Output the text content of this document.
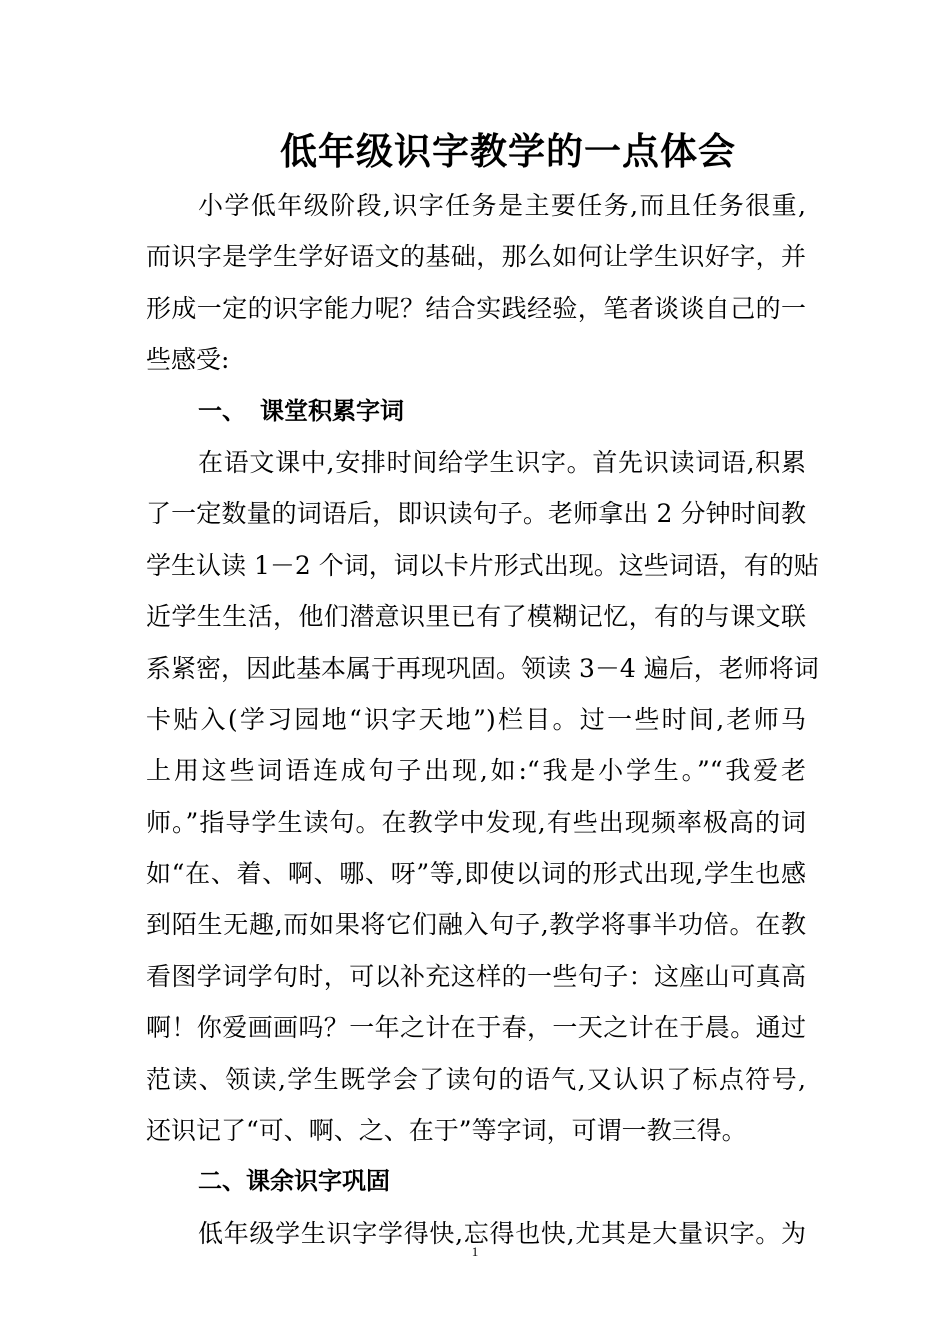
低年级识字教学的一点体会
小学低年级阶段,识字任务是主要任务,而且任务很重,
而识字是学生学好语文的基础，那么如何让学生识好字，并
形成一定的识字能力呢？结合实践经验，笔者谈谈自己的一
些感受:
一、 课堂积累字词
在语文课中,安排时间给学生识字。首先识读词语,积累
了一定数量的词语后，即识读句子。老师拿出 2 分钟时间教
学生认读 1－2 个词，词以卡片形式出现。这些词语，有的贴
近学生生活，他们潜意识里已有了模糊记忆，有的与课文联
系紧密，因此基本属于再现巩固。领读 3－4 遍后，老师将词
卡贴入(学习园地“识字天地”)栏目。过一些时间,老师马
上用这些词语连成句子出现,如:“我是小学生。”“我爱老
师。”指导学生读句。在教学中发现,有些出现频率极高的词
如“在、着、啊、哪、呀”等,即使以词的形式出现,学生也感
到陌生无趣,而如果将它们融入句子,教学将事半功倍。在教
看图学词学句时，可以补充这样的一些句子：这座山可真高
啊！你爱画画吗？一年之计在于春，一天之计在于晨。通过
范读、领读,学生既学会了读句的语气,又认识了标点符号,
还识记了“可、啊、之、在于”等字词，可谓一教三得。
二、课余识字巩固
低年级学生识字学得快,忘得也快,尤其是大量识字。为
1
